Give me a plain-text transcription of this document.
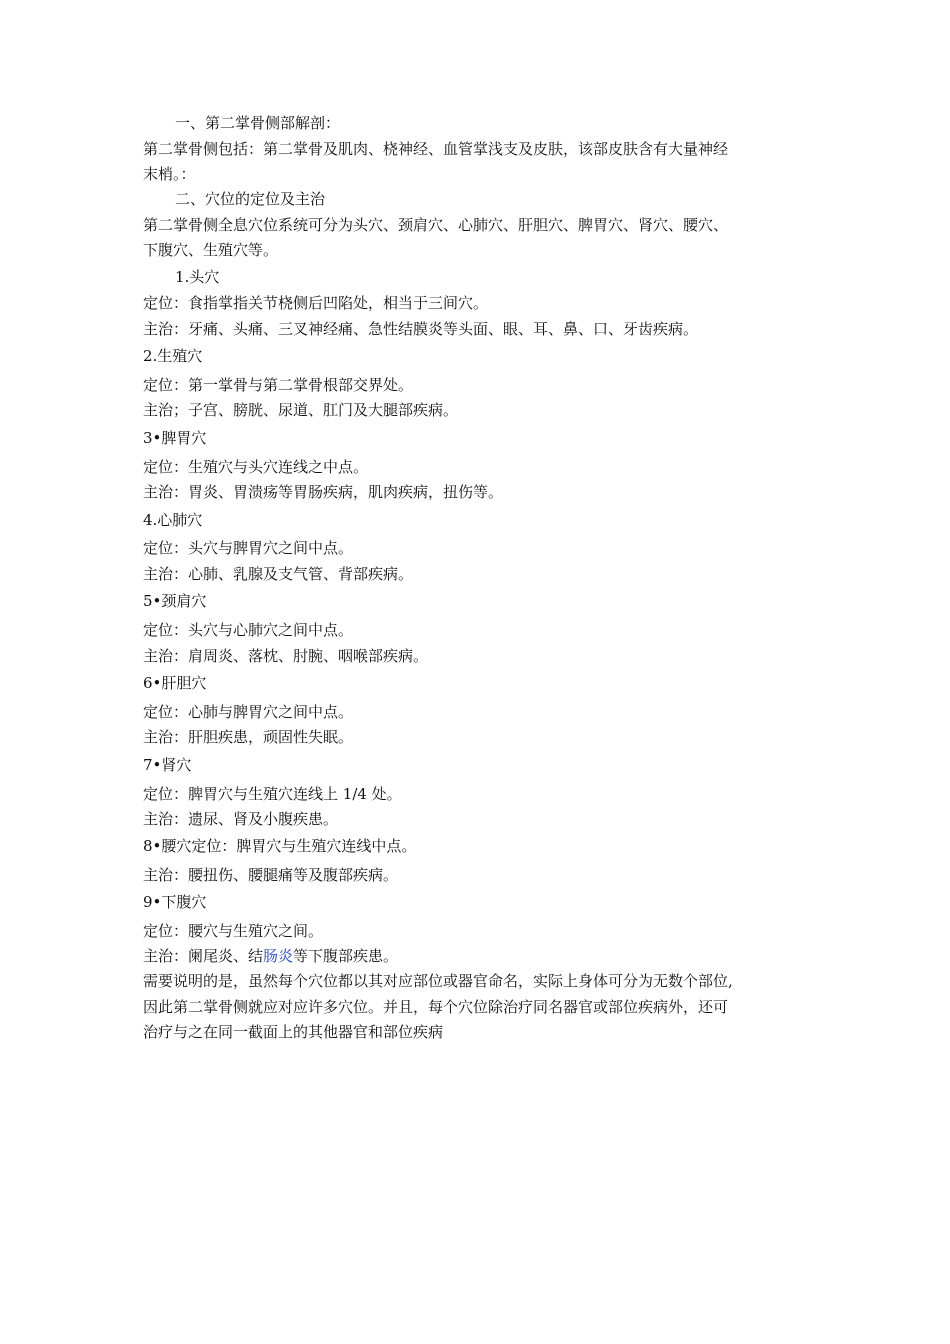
一、第二掌骨侧部解剖：
第二掌骨侧包括：第二掌骨及肌肉、桡神经、血管掌浅支及皮肤，该部皮肤含有大量神经
末梢。：
二、穴位的定位及主治
第二掌骨侧全息穴位系统可分为头穴、颈肩穴、心肺穴、肝胆穴、脾胃穴、肾穴、腰穴、
下腹穴、生殖穴等。
1.头穴
定位：食指掌指关节桡侧后凹陷处，相当于三间穴。
主治：牙痛、头痛、三叉神经痛、急性结膜炎等头面、眼、耳、鼻、口、牙齿疾病。
2.生殖穴
定位：第一掌骨与第二掌骨根部交界处。
主治；子宫、膀胱、尿道、肛门及大腿部疾病。
3•脾胃穴
定位：生殖穴与头穴连线之中点。
主治：胃炎、胃溃疡等胃肠疾病，肌肉疾病，扭伤等。
4.心肺穴
定位：头穴与脾胃穴之间中点。
主治：心肺、乳腺及支气管、背部疾病。
5•颈肩穴
定位：头穴与心肺穴之间中点。
主治：肩周炎、落枕、肘腕、咽喉部疾病。
6•肝胆穴
定位：心肺与脾胃穴之间中点。
主治：肝胆疾患，顽固性失眠。
7•肾穴
定位：脾胃穴与生殖穴连线上 1/4 处。
主治：遗尿、肾及小腹疾患。
8•腰穴定位：脾胃穴与生殖穴连线中点。
主治：腰扭伤、腰腿痛等及腹部疾病。
9•下腹穴
定位：腰穴与生殖穴之间。
主治：阑尾炎、结肠炎等下腹部疾患。
需要说明的是，虽然每个穴位都以其对应部位或器官命名，实际上身体可分为无数个部位,
因此第二掌骨侧就应对应许多穴位。并且，每个穴位除治疗同名器官或部位疾病外，还可
治疗与之在同一截面上的其他器官和部位疾病
